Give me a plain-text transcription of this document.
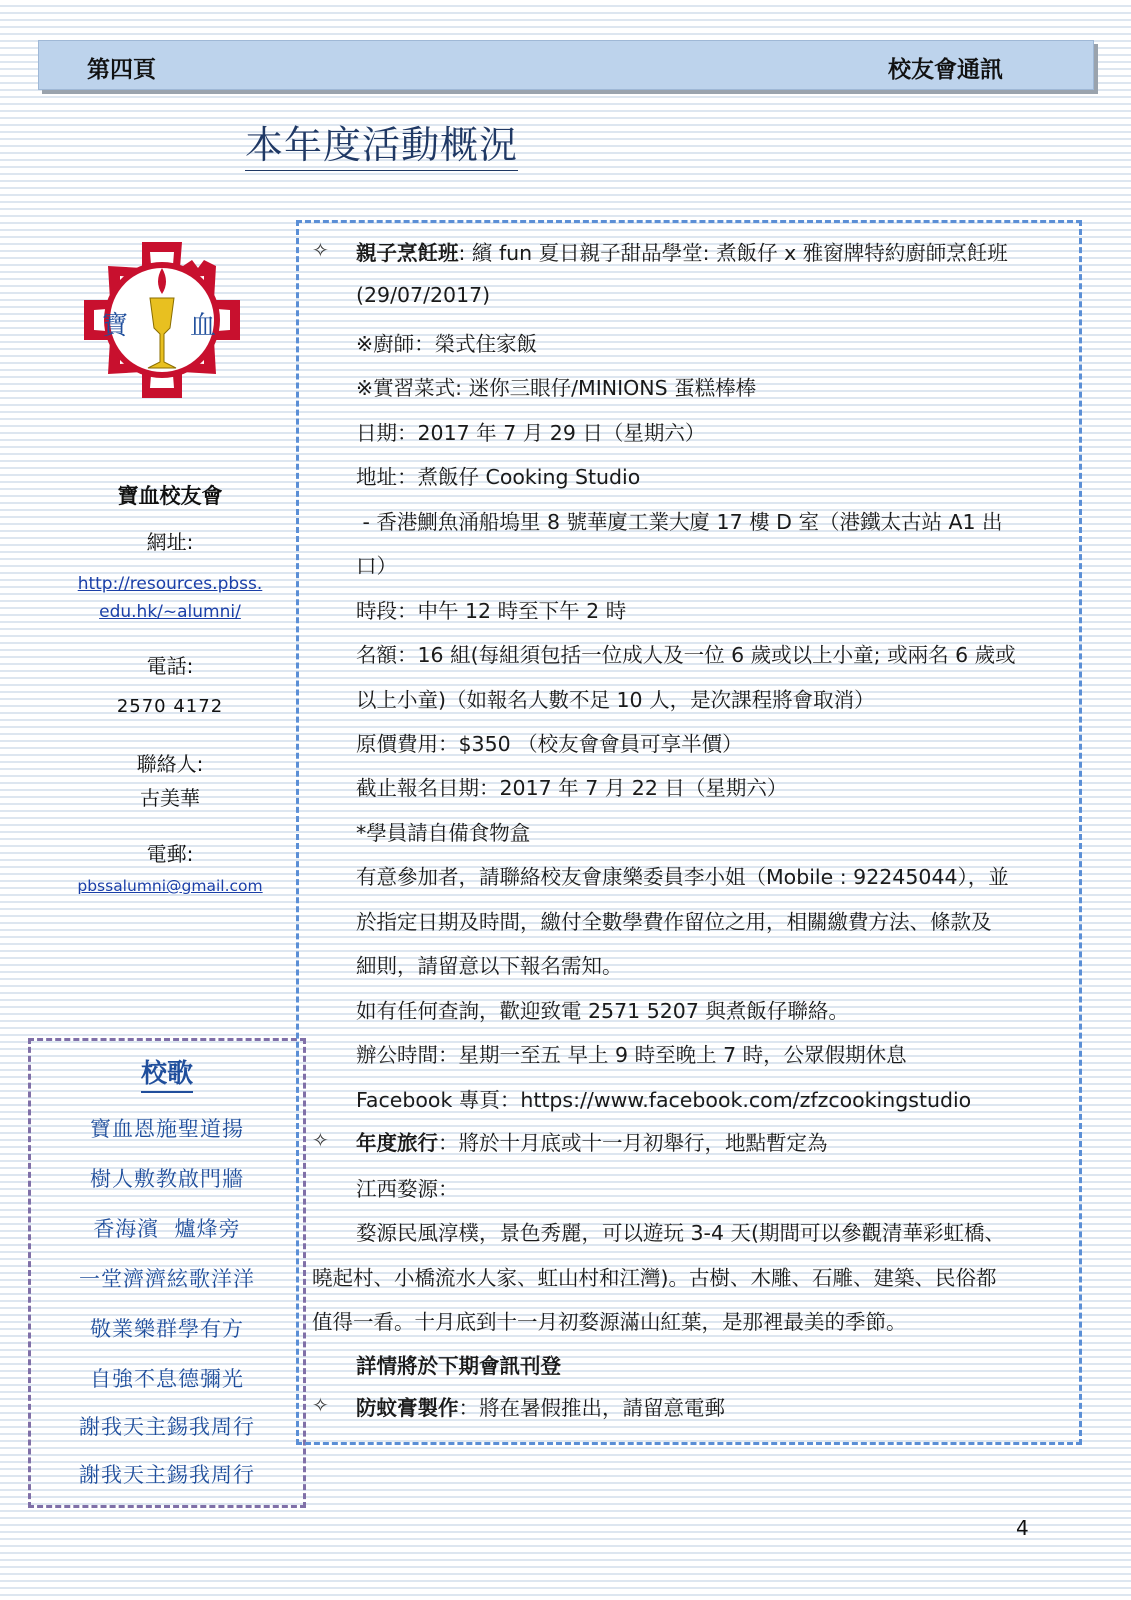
第四頁	校友會通訊
本年度活動概況
寶 血
寶血校友會
網址:
http://resources.pbss.
edu.hk/~alumni/
電話:
2570 4172
聯絡人:
古美華
電郵:
pbssalumni@gmail.com
校歌
寶血恩施聖道揚
樹人敷教啟門牆
香海濱  爐烽旁
一堂濟濟絃歌洋洋
敬業樂群學有方
自強不息德彌光
謝我天主錫我周行
謝我天主錫我周行
✧ 親子烹飪班: 繽 fun 夏日親子甜品學堂: 煮飯仔 x 雅窗牌特約廚師烹飪班
(29/07/2017)
※廚師：榮式住家飯
※實習菜式: 迷你三眼仔/MINIONS 蛋糕棒棒
日期：2017 年 7 月 29 日（星期六）
地址：煮飯仔 Cooking Studio
- 香港鰂魚涌船塢里 8 號華廈工業大廈 17 樓 D 室（港鐵太古站 A1 出
口）
時段：中午 12 時至下午 2 時
名額：16 組(每組須包括一位成人及一位 6 歲或以上小童; 或兩名 6 歲或
以上小童)（如報名人數不足 10 人，是次課程將會取消）
原價費用：$350 （校友會會員可享半價）
截止報名日期：2017 年 7 月 22 日（星期六）
*學員請自備食物盒
有意參加者，請聯絡校友會康樂委員李小姐（Mobile : 92245044），並
於指定日期及時間，繳付全數學費作留位之用，相關繳費方法、條款及
細則，請留意以下報名需知。
如有任何查詢，歡迎致電 2571 5207 與煮飯仔聯絡。
辦公時間：星期一至五 早上 9 時至晚上 7 時，公眾假期休息
Facebook 專頁：https://www.facebook.com/zfzcookingstudio
✧ 年度旅行：將於十月底或十一月初舉行，地點暫定為
江西婺源：
婺源民風淳樸，景色秀麗，可以遊玩 3-4 天(期間可以參觀清華彩虹橋、
曉起村、小橋流水人家、虹山村和江灣)。古樹、木雕、石雕、建築、民俗都
值得一看。十月底到十一月初婺源滿山紅葉，是那裡最美的季節。
詳情將於下期會訊刊登
✧ 防蚊膏製作：將在暑假推出，請留意電郵
4
